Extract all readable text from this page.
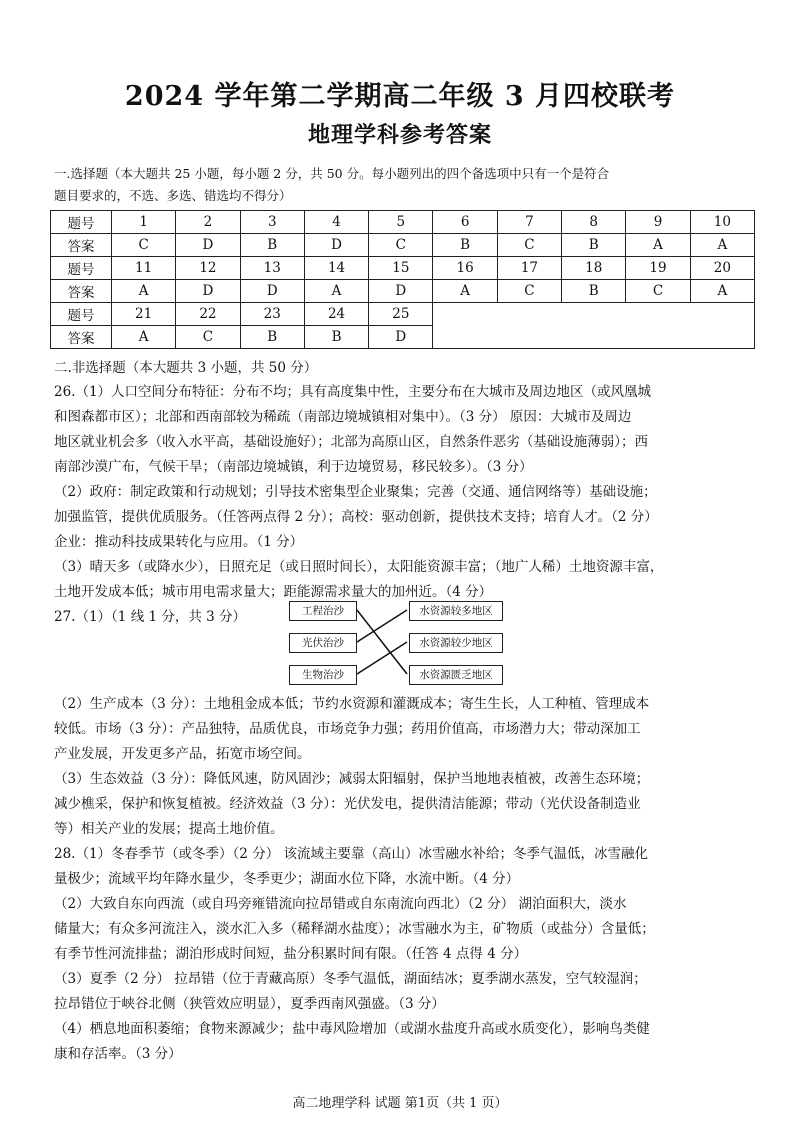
2024 学年第二学期高二年级 3 月四校联考
地理学科参考答案
一.选择题（本大题共 25 小题，每小题 2 分，共 50 分。每小题列出的四个备选项中只有一个是符合
题目要求的，不选、多选、错选均不得分）
题号	1	2	3	4	5	6	7	8	9	10
答案	C	D	B	D	C	B	C	B	A	A
题号	11	12	13	14	15	16	17	18	19	20
答案	A	D	D	A	D	A	C	B	C	A
题号	21	22	23	24	25					
答案	A	C	B	B	D					
二.非选择题（本大题共 3 小题，共 50 分）
26.（1）人口空间分布特征：分布不均；具有高度集中性，主要分布在大城市及周边地区（或风凰城
和图森都市区）；北部和西南部较为稀疏（南部边境城镇相对集中）。（3 分） 原因：大城市及周边
地区就业机会多（收入水平高，基础设施好）；北部为高原山区，自然条件恶劣（基础设施薄弱）；西
南部沙漠广布，气候干旱；（南部边境城镇，利于边境贸易，移民较多）。（3 分）
（2）政府：制定政策和行动规划；引导技术密集型企业聚集；完善（交通、通信网络等）基础设施；
加强监管，提供优质服务。（任答两点得 2 分）；高校：驱动创新，提供技术支持；培育人才。（2 分）
企业：推动科技成果转化与应用。（1 分）
（3）晴天多（或降水少），日照充足（或日照时间长），太阳能资源丰富；（地广人稀）土地资源丰富，
土地开发成本低；城市用电需求量大；距能源需求量大的加州近。（4 分）
27.（1）（1 线 1 分，共 3 分）	工程治沙
光伏治沙
生物治沙
水资源较多地区
水资源较少地区
水资源匮乏地区
（2）生产成本（3 分）：土地租金成本低；节约水资源和灌溉成本；寄生生长，人工种植、管理成本
较低。市场（3 分）：产品独特，品质优良，市场竞争力强；药用价值高，市场潜力大；带动深加工
产业发展，开发更多产品，拓宽市场空间。
（3）生态效益（3 分）：降低风速，防风固沙；减弱太阳辐射，保护当地地表植被，改善生态环境；
减少樵采，保护和恢复植被。经济效益（3 分）：光伏发电，提供清洁能源；带动（光伏设备制造业
等）相关产业的发展；提高土地价值。
28.（1）冬春季节（或冬季）（2 分） 该流域主要靠（高山）冰雪融水补给；冬季气温低，冰雪融化
量极少；流域平均年降水量少，冬季更少；湖面水位下降，水流中断。（4 分）
（2）大致自东向西流（或自玛旁雍错流向拉昂错或自东南流向西北）（2 分） 湖泊面积大，淡水
储量大；有众多河流注入，淡水汇入多（稀释湖水盐度）；冰雪融水为主，矿物质（或盐分）含量低；
有季节性河流排盐；湖泊形成时间短，盐分积累时间有限。（任答 4 点得 4 分）
（3）夏季（2 分） 拉昂错（位于青藏高原）冬季气温低，湖面结冰；夏季湖水蒸发，空气较湿润；
拉昂错位于峡谷北侧（狭管效应明显），夏季西南风强盛。（3 分）
（4）栖息地面积萎缩；食物来源减少；盐中毒风险增加（或湖水盐度升高或水质变化），影响鸟类健
康和存活率。（3 分）
高二地理学科 试题 第1页（共 1 页）
